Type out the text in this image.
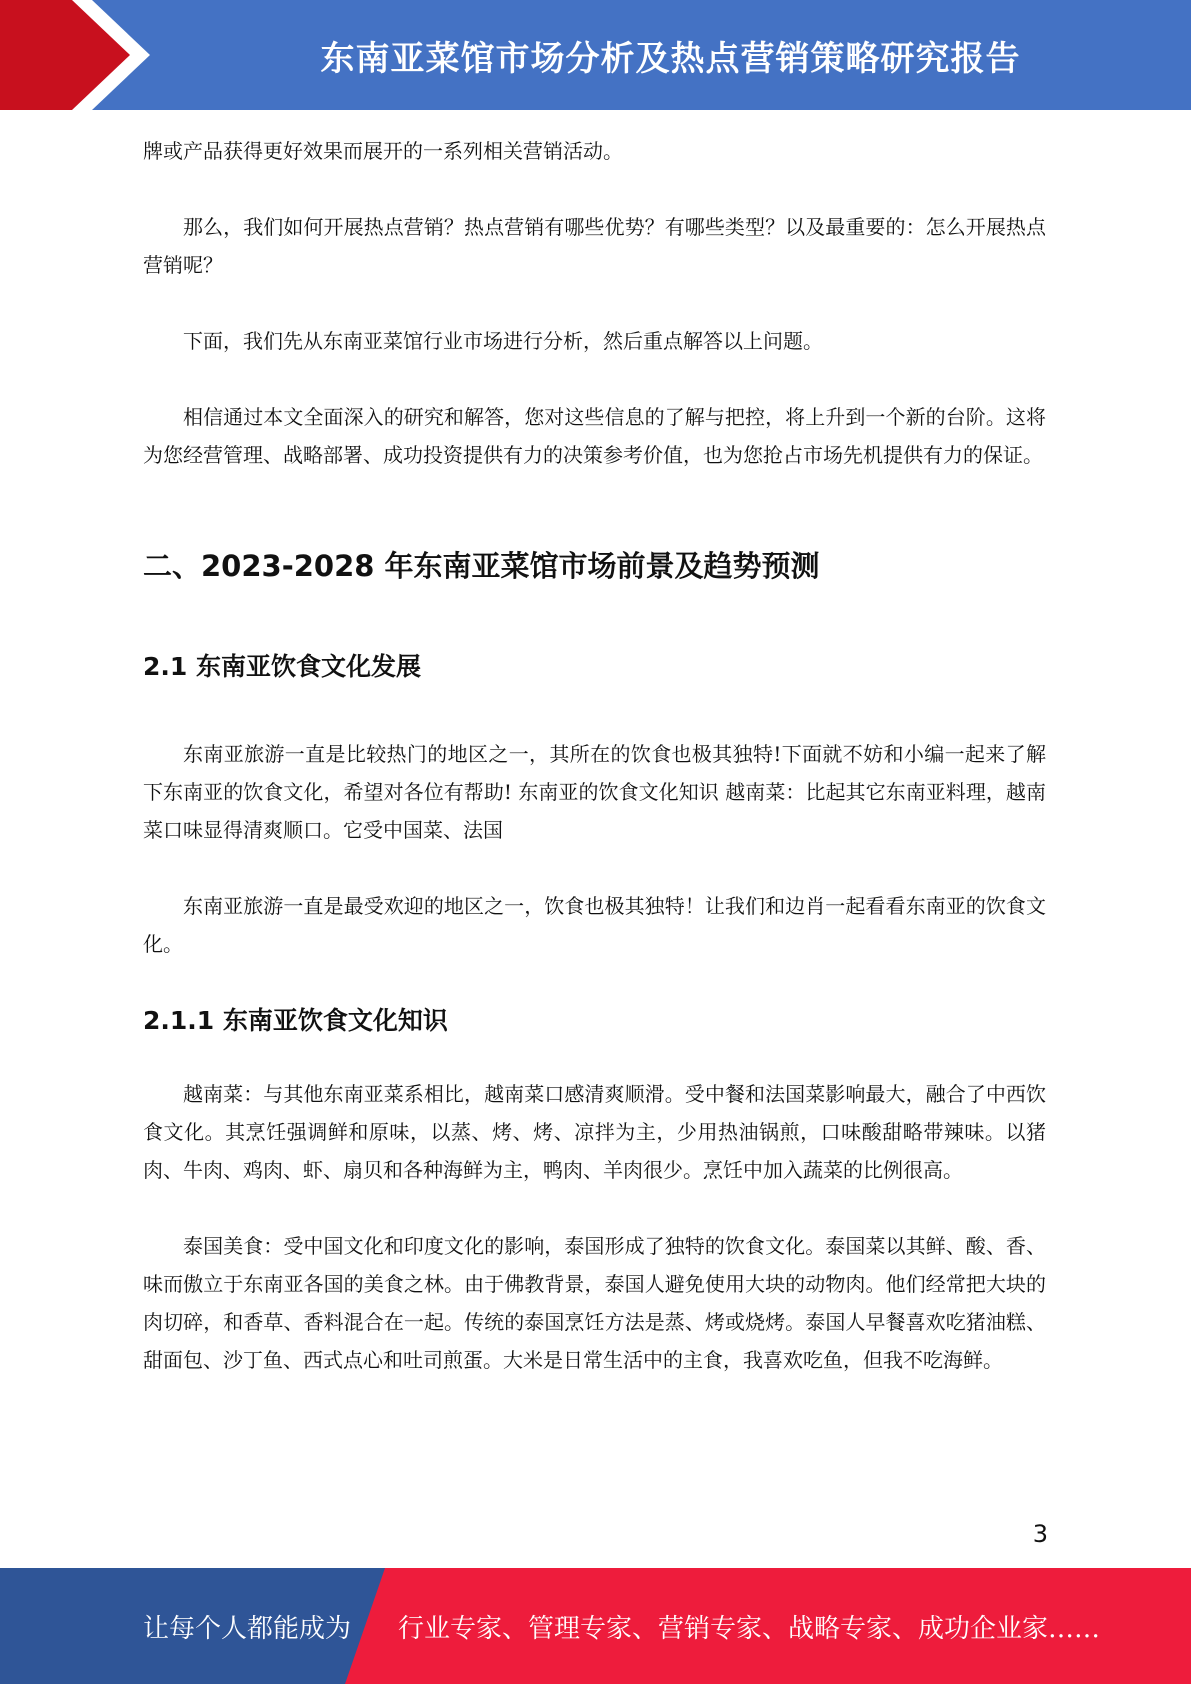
东南亚菜馆市场分析及热点营销策略研究报告

牌或产品获得更好效果而展开的一系列相关营销活动。

那么，我们如何开展热点营销？热点营销有哪些优势？有哪些类型？以及最重要的：怎么开展热点营销呢？

下面，我们先从东南亚菜馆行业市场进行分析，然后重点解答以上问题。

相信通过本文全面深入的研究和解答，您对这些信息的了解与把控，将上升到一个新的台阶。这将为您经营管理、战略部署、成功投资提供有力的决策参考价值，也为您抢占市场先机提供有力的保证。

二、2023-2028 年东南亚菜馆市场前景及趋势预测
2.1 东南亚饮食文化发展

东南亚旅游一直是比较热门的地区之一，其所在的饮食也极其独特!下面就不妨和小编一起来了解下东南亚的饮食文化，希望对各位有帮助! 东南亚的饮食文化知识 越南菜：比起其它东南亚料理，越南菜口味显得清爽顺口。它受中国菜、法国

东南亚旅游一直是最受欢迎的地区之一，饮食也极其独特！让我们和边肖一起看看东南亚的饮食文化。

2.1.1 东南亚饮食文化知识

越南菜：与其他东南亚菜系相比，越南菜口感清爽顺滑。受中餐和法国菜影响最大，融合了中西饮食文化。其烹饪强调鲜和原味，以蒸、烤、烤、凉拌为主，少用热油锅煎，口味酸甜略带辣味。以猪肉、牛肉、鸡肉、虾、扇贝和各种海鲜为主，鸭肉、羊肉很少。烹饪中加入蔬菜的比例很高。

泰国美食：受中国文化和印度文化的影响，泰国形成了独特的饮食文化。泰国菜以其鲜、酸、香、味而傲立于东南亚各国的美食之林。由于佛教背景，泰国人避免使用大块的动物肉。他们经常把大块的肉切碎，和香草、香料混合在一起。传统的泰国烹饪方法是蒸、烤或烧烤。泰国人早餐喜欢吃猪油糕、甜面包、沙丁鱼、西式点心和吐司煎蛋。大米是日常生活中的主食，我喜欢吃鱼，但我不吃海鲜。

3
让每个人都能成为 行业专家、管理专家、营销专家、战略专家、成功企业家……
